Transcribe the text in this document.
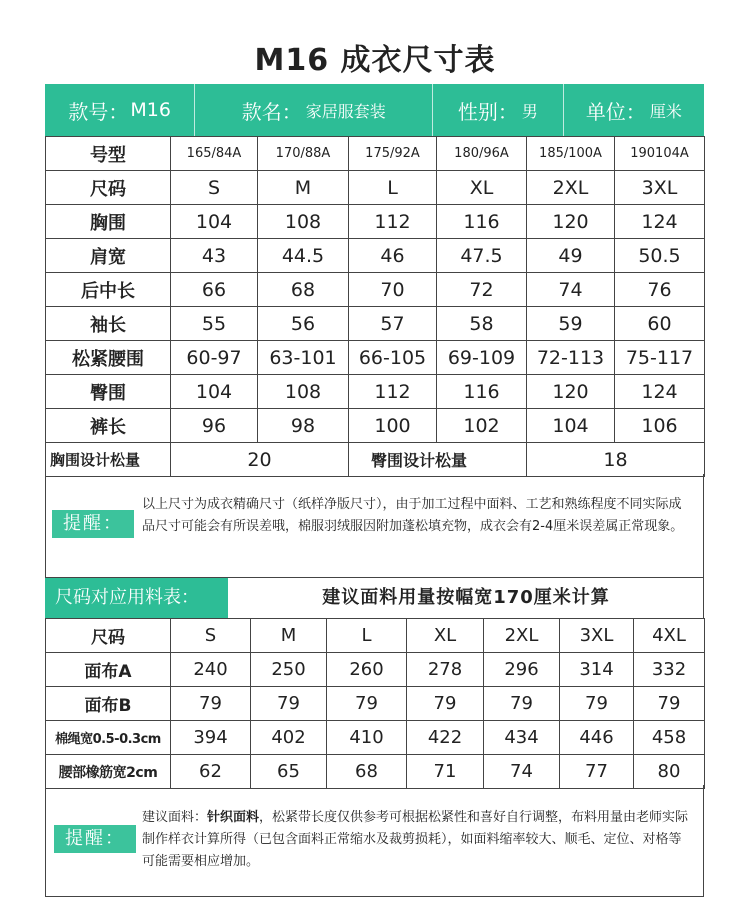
M16 成衣尺寸表
款号： M16	款名： 家居服套装	性别： 男 单位： 厘米
号型	165/84A	170/88A	175/92A	180/96A	185/100A	190104A
尺码	S	M	L	XL	2XL	3XL
胸围	104	108	112	116	120	124
肩宽	43	44.5	46	47.5	49	50.5
后中长	66	68	70	72	74	76
袖长	55	56	57	58	59	60
松紧腰围	60-97	63-101	66-105	69-109	72-113	75-117
臀围	104	108	112	116	120	124
裤长	96	98	100	102	104	106
胸围设计松量	20		臀围设计松量		18	
提醒：
以上尺寸为成衣精确尺寸（纸样净版尺寸），由于加工过程中面料、工艺和熟练程度不同实际成品尺寸可能会有所误差哦，棉服羽绒服因附加蓬松填充物，成衣会有2-4厘米误差属正常现象。
尺码对应用料表：	建议面料用量按幅宽170厘米计算
尺码	S	M	L	XL	2XL	3XL	4XL
面布A	240	250	260	278	296	314	332
面布B	79	79	79	79	79	79	79
棉绳宽0.5-0.3cm	394	402	410	422	434	446	458
腰部橡筋宽2cm	62	65	68	71	74	77	80
提醒：
建议面料：针织面料，松紧带长度仅供参考可根据松紧性和喜好自行调整，布料用量由老师实际制作样衣计算所得（已包含面料正常缩水及裁剪损耗），如面料缩率较大、顺毛、定位、对格等可能需要相应增加。
